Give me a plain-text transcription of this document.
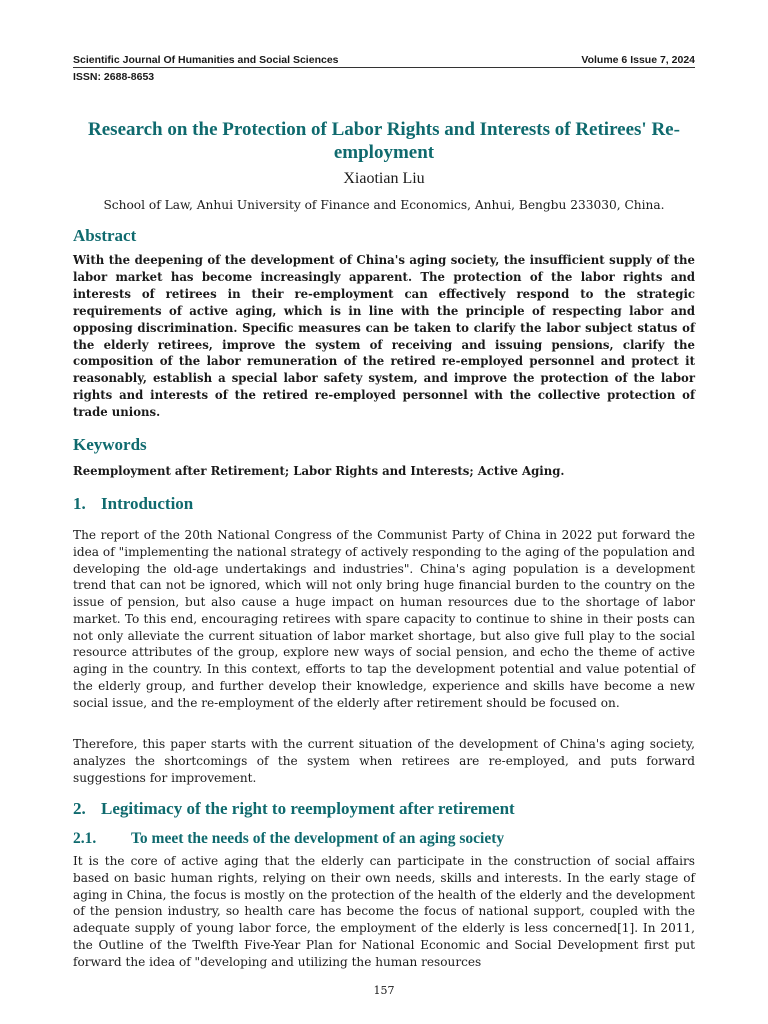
Scientific Journal Of Humanities and Social Sciences	Volume 6 Issue 7, 2024
ISSN: 2688-8653
Research on the Protection of Labor Rights and Interests of Retirees' Re-employment
Xiaotian Liu
School of Law, Anhui University of Finance and Economics, Anhui, Bengbu 233030, China.
Abstract

With the deepening of the development of China's aging society, the insufficient supply of the labor market has become increasingly apparent. The protection of the labor rights and interests of retirees in their re-employment can effectively respond to the strategic requirements of active aging, which is in line with the principle of respecting labor and opposing discrimination. Specific measures can be taken to clarify the labor subject status of the elderly retirees, improve the system of receiving and issuing pensions, clarify the composition of the labor remuneration of the retired re-employed personnel and protect it reasonably, establish a special labor safety system, and improve the protection of the labor rights and interests of the retired re-employed personnel with the collective protection of trade unions.

Keywords
Reemployment after Retirement; Labor Rights and Interests; Active Aging.
1. Introduction

The report of the 20th National Congress of the Communist Party of China in 2022 put forward the idea of "implementing the national strategy of actively responding to the aging of the population and developing the old-age undertakings and industries". China's aging population is a development trend that can not be ignored, which will not only bring huge financial burden to the country on the issue of pension, but also cause a huge impact on human resources due to the shortage of labor market. To this end, encouraging retirees with spare capacity to continue to shine in their posts can not only alleviate the current situation of labor market shortage, but also give full play to the social resource attributes of the group, explore new ways of social pension, and echo the theme of active aging in the country. In this context, efforts to tap the development potential and value potential of the elderly group, and further develop their knowledge, experience and skills have become a new social issue, and the re-employment of the elderly after retirement should be focused on.

Therefore, this paper starts with the current situation of the development of China's aging society, analyzes the shortcomings of the system when retirees are re-employed, and puts forward suggestions for improvement.

2. Legitimacy of the right to reemployment after retirement
2.1. To meet the needs of the development of an aging society

It is the core of active aging that the elderly can participate in the construction of social affairs based on basic human rights, relying on their own needs, skills and interests. In the early stage of aging in China, the focus is mostly on the protection of the health of the elderly and the development of the pension industry, so health care has become the focus of national support, coupled with the adequate supply of young labor force, the employment of the elderly is less concerned[1]. In 2011, the Outline of the Twelfth Five-Year Plan for National Economic and Social Development first put forward the idea of "developing and utilizing the human resources

157
